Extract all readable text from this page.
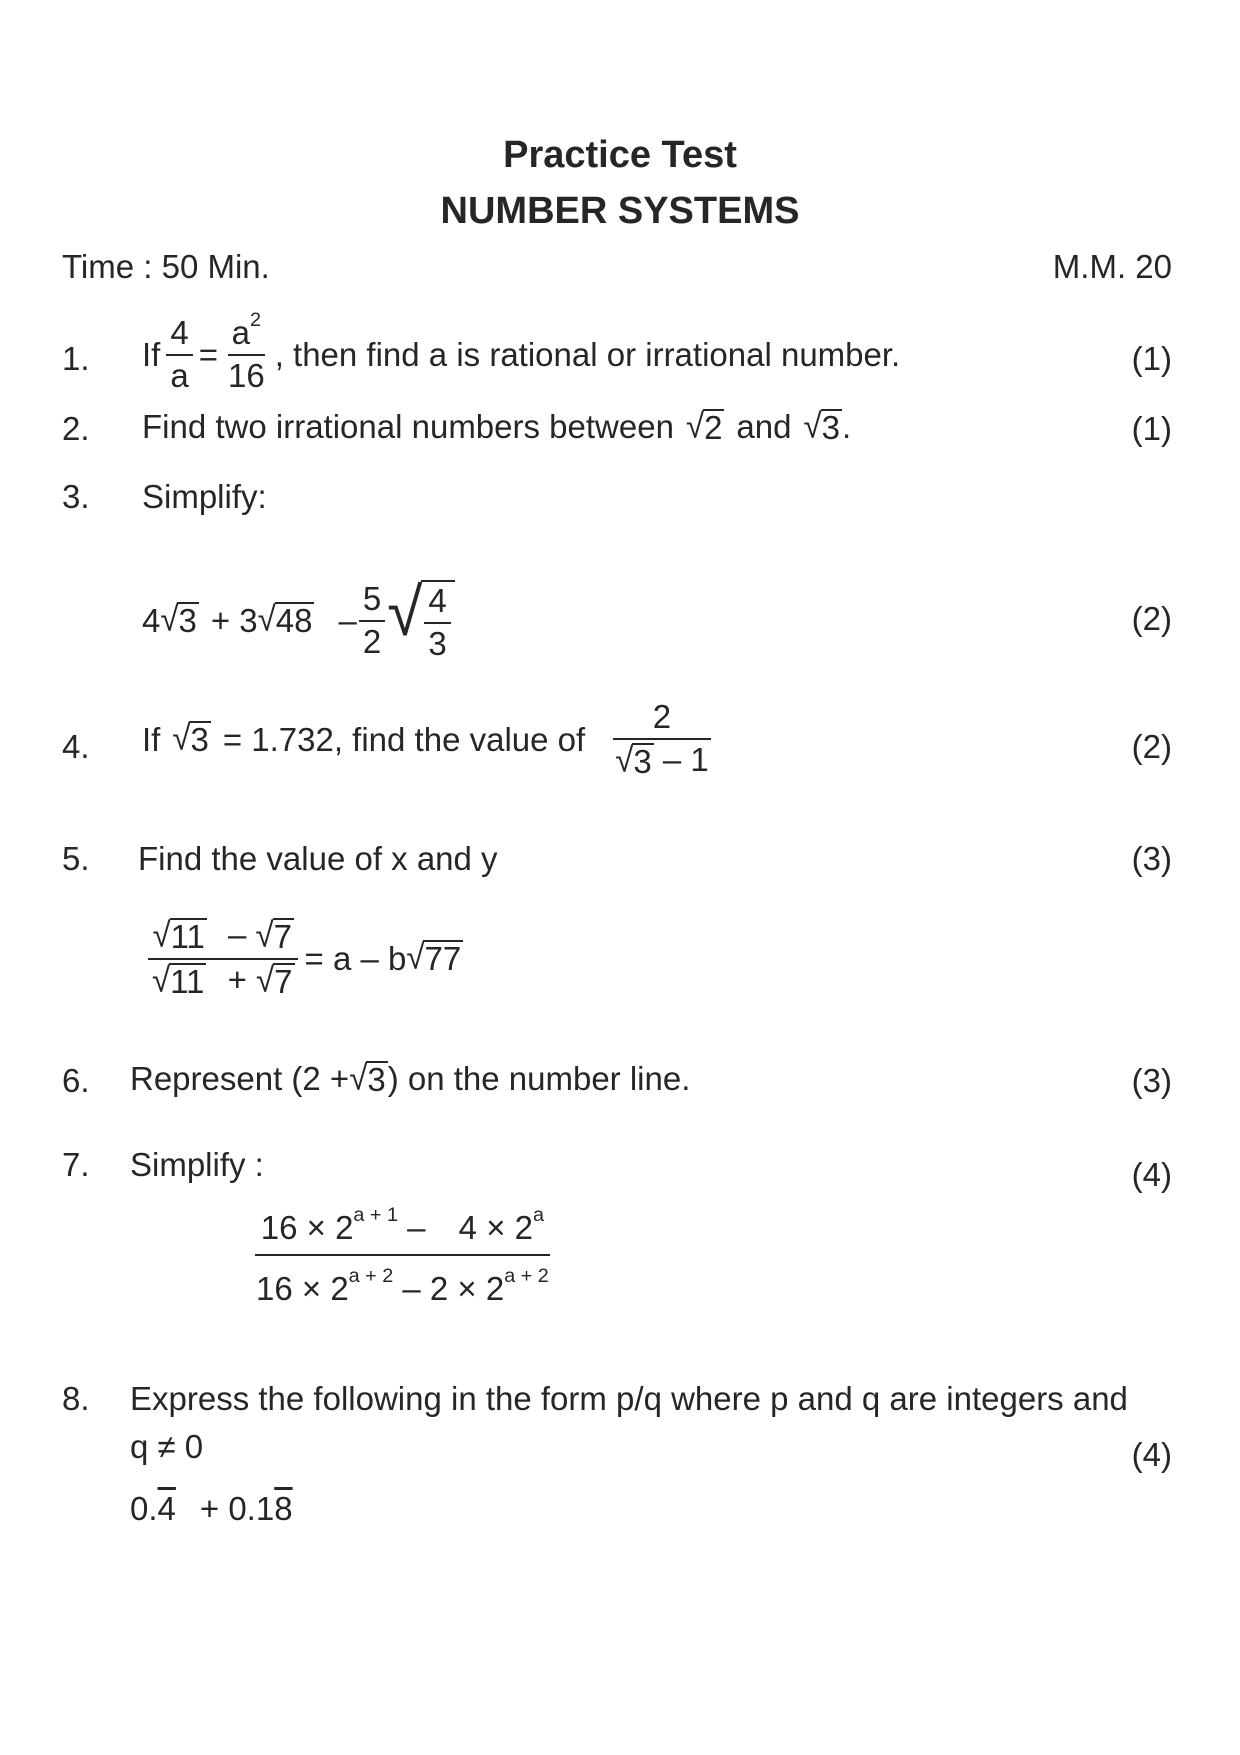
Practice Test
NUMBER SYSTEMS
Time : 50 Min.	M.M. 20
1.	If $\frac{4}{a} = \frac{a^2}{16}$ , then find a is rational or irrational number.	(1)
2.	Find two irrational numbers between √ 2 and √ 3 .	(1)
3.	Simplify:
4 √ 3 + 3 √ $48 - \frac{5}{2}$ √ $\frac{4}{3}$	(2)
4.	If √ 3 = 1.732, find the value of $\frac{2}{√ 3 - 1}$	(2)
5.	Find the value of x and y	(3)
$\frac{√ 11 - √ 7}{√ 11 + √ 7} = a - b$ √ 77
6.	Represent (2 + √ 3 ) on the number line.	(3)
7.	Simplify :	(4)
$\frac{16 \times 2^{a + 1} - 4 \times 2^a}{16 \times 2^{a + 2} - 2 \times 2^{a + 2}}$
8.	Express the following in the form p/q where p and q are integers and
q ≠ 0	(4)
0.4 + 0.18
